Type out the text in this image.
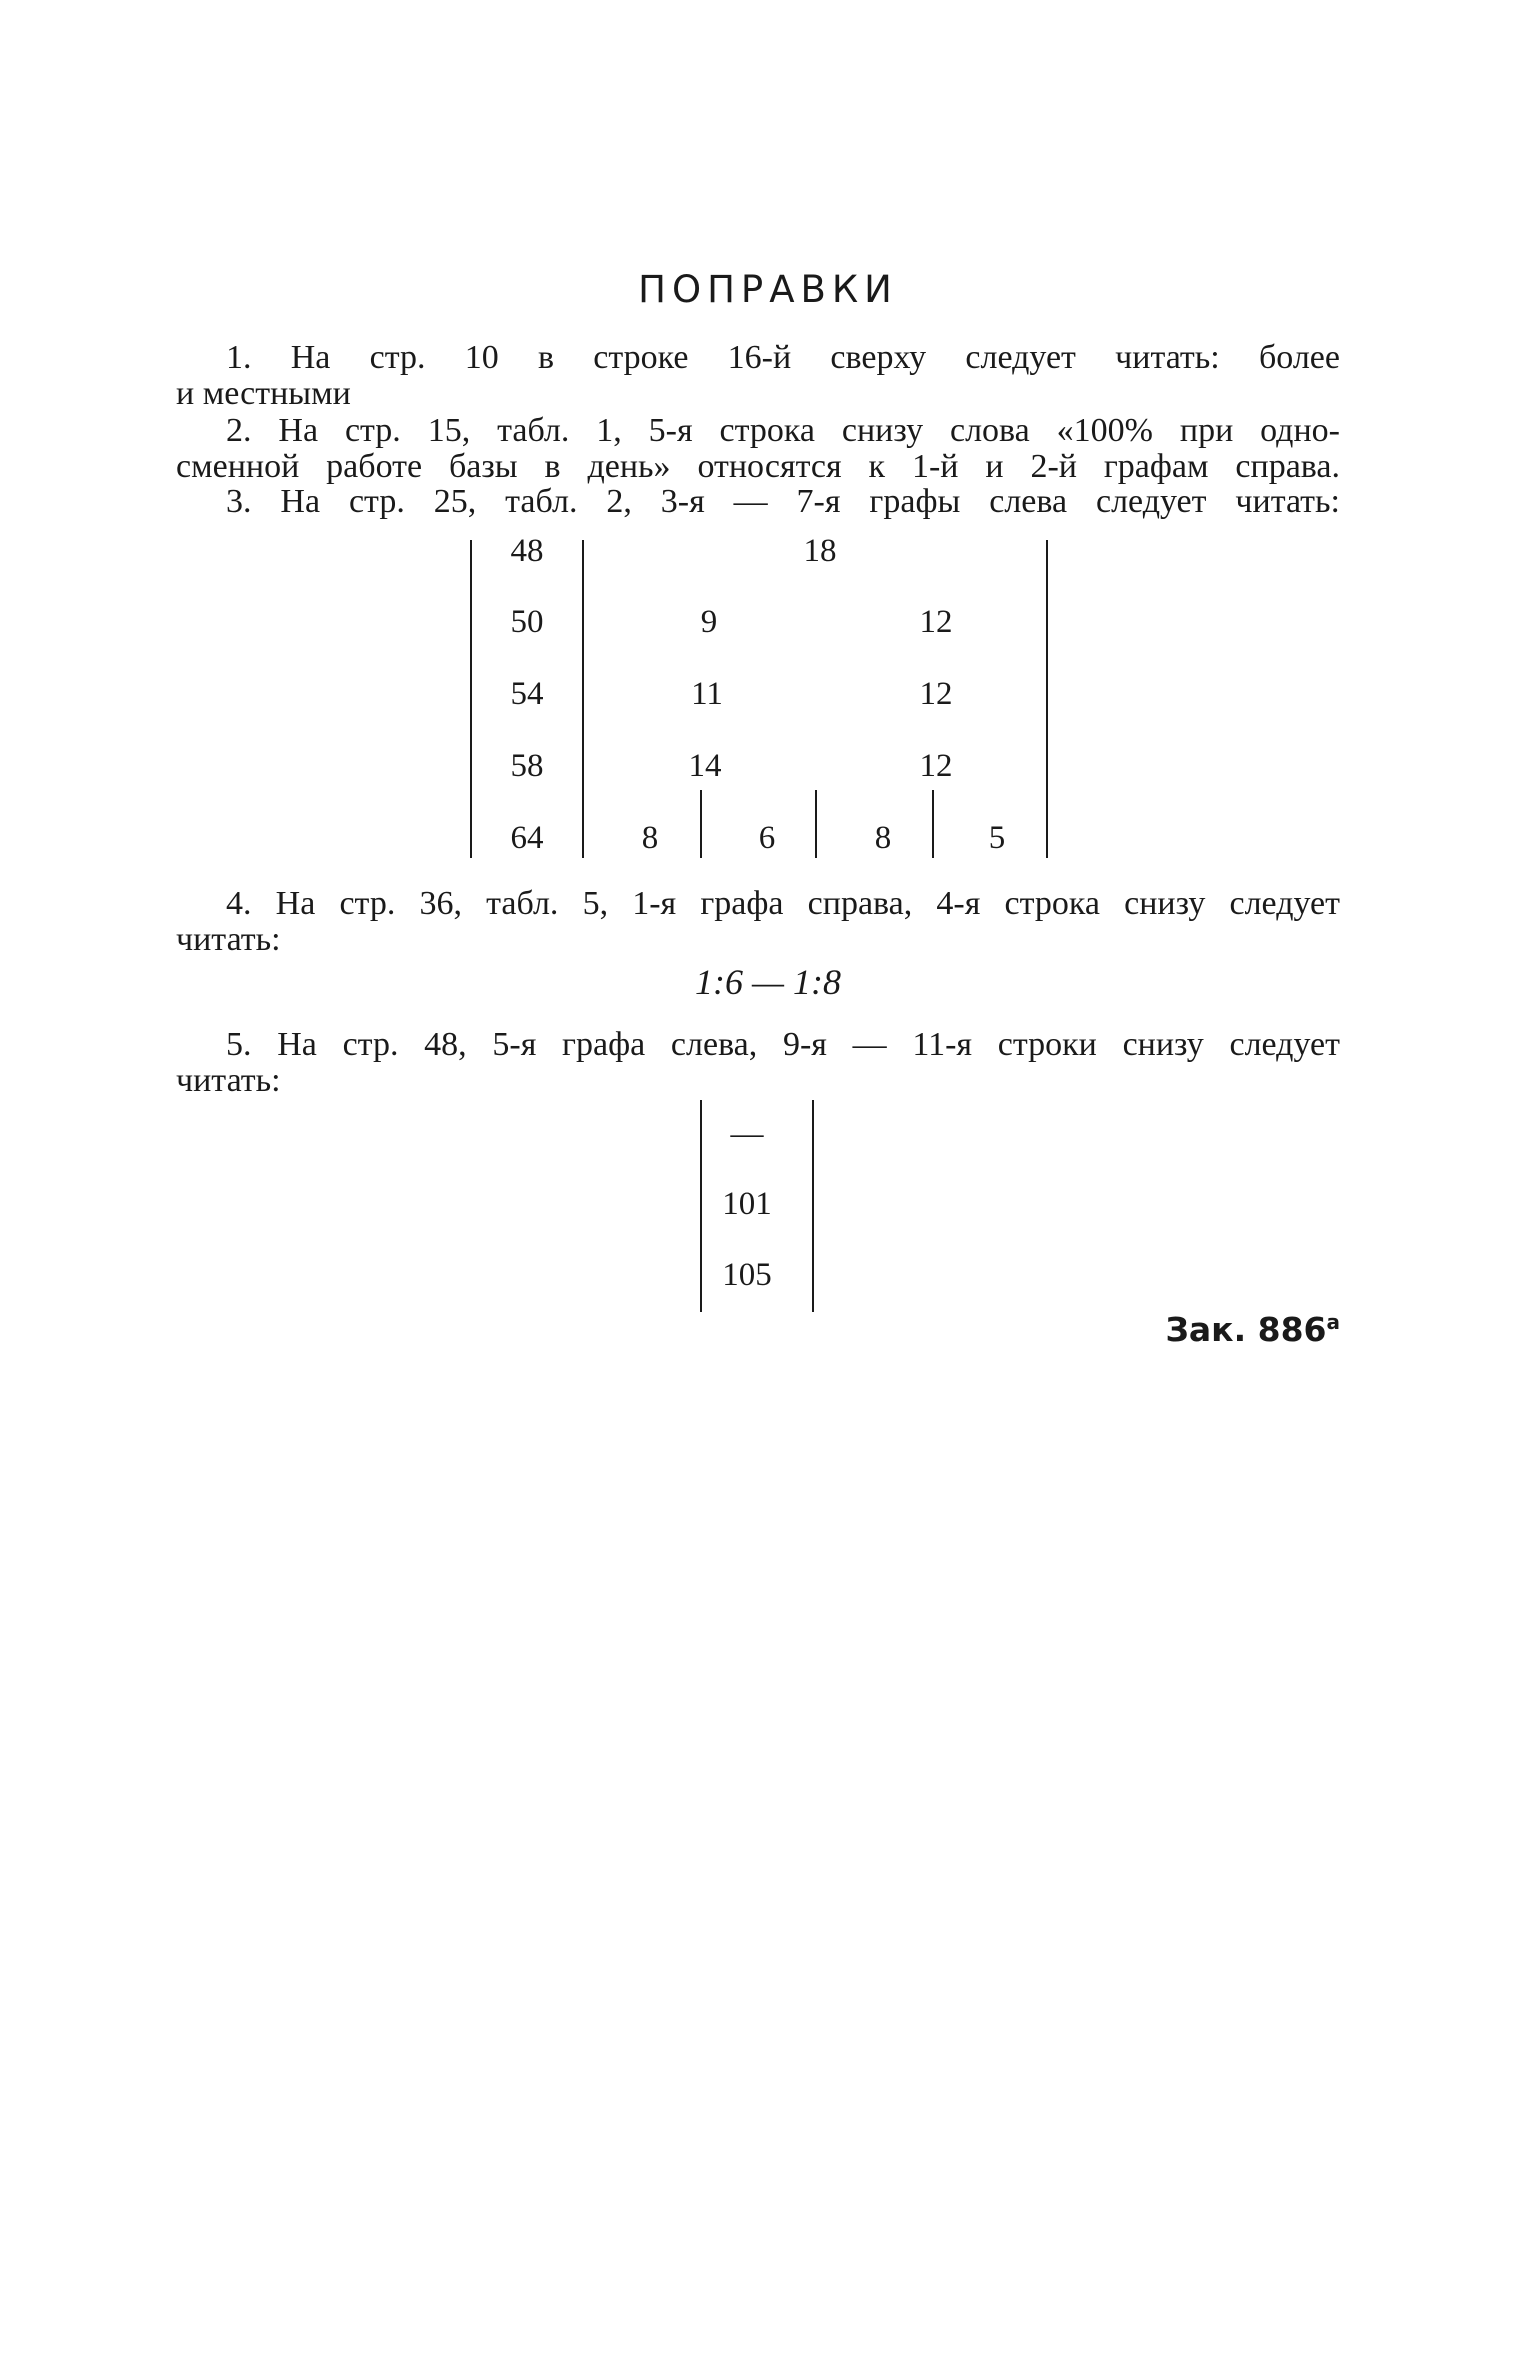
ПОПРАВКИ
1. На стр. 10 в строке 16-й сверху следует читать: более
и местными
2. На стр. 15, табл. 1, 5-я строка снизу слова «100% при одно-
сменной работе базы в день» относятся к 1-й и 2-й графам справа.
3. На стр. 25, табл. 2, 3-я — 7-я графы слева следует читать:
48	18
50	9	12
54	11	12
58	14	12
64	8	6	8	5
4. На стр. 36, табл. 5, 1-я графа справа, 4-я строка снизу следует
читать:
1:6 — 1:8
5. На стр. 48, 5-я графа слева, 9-я — 11-я строки снизу следует
читать:
—
101
105
Зак. $886^а$
